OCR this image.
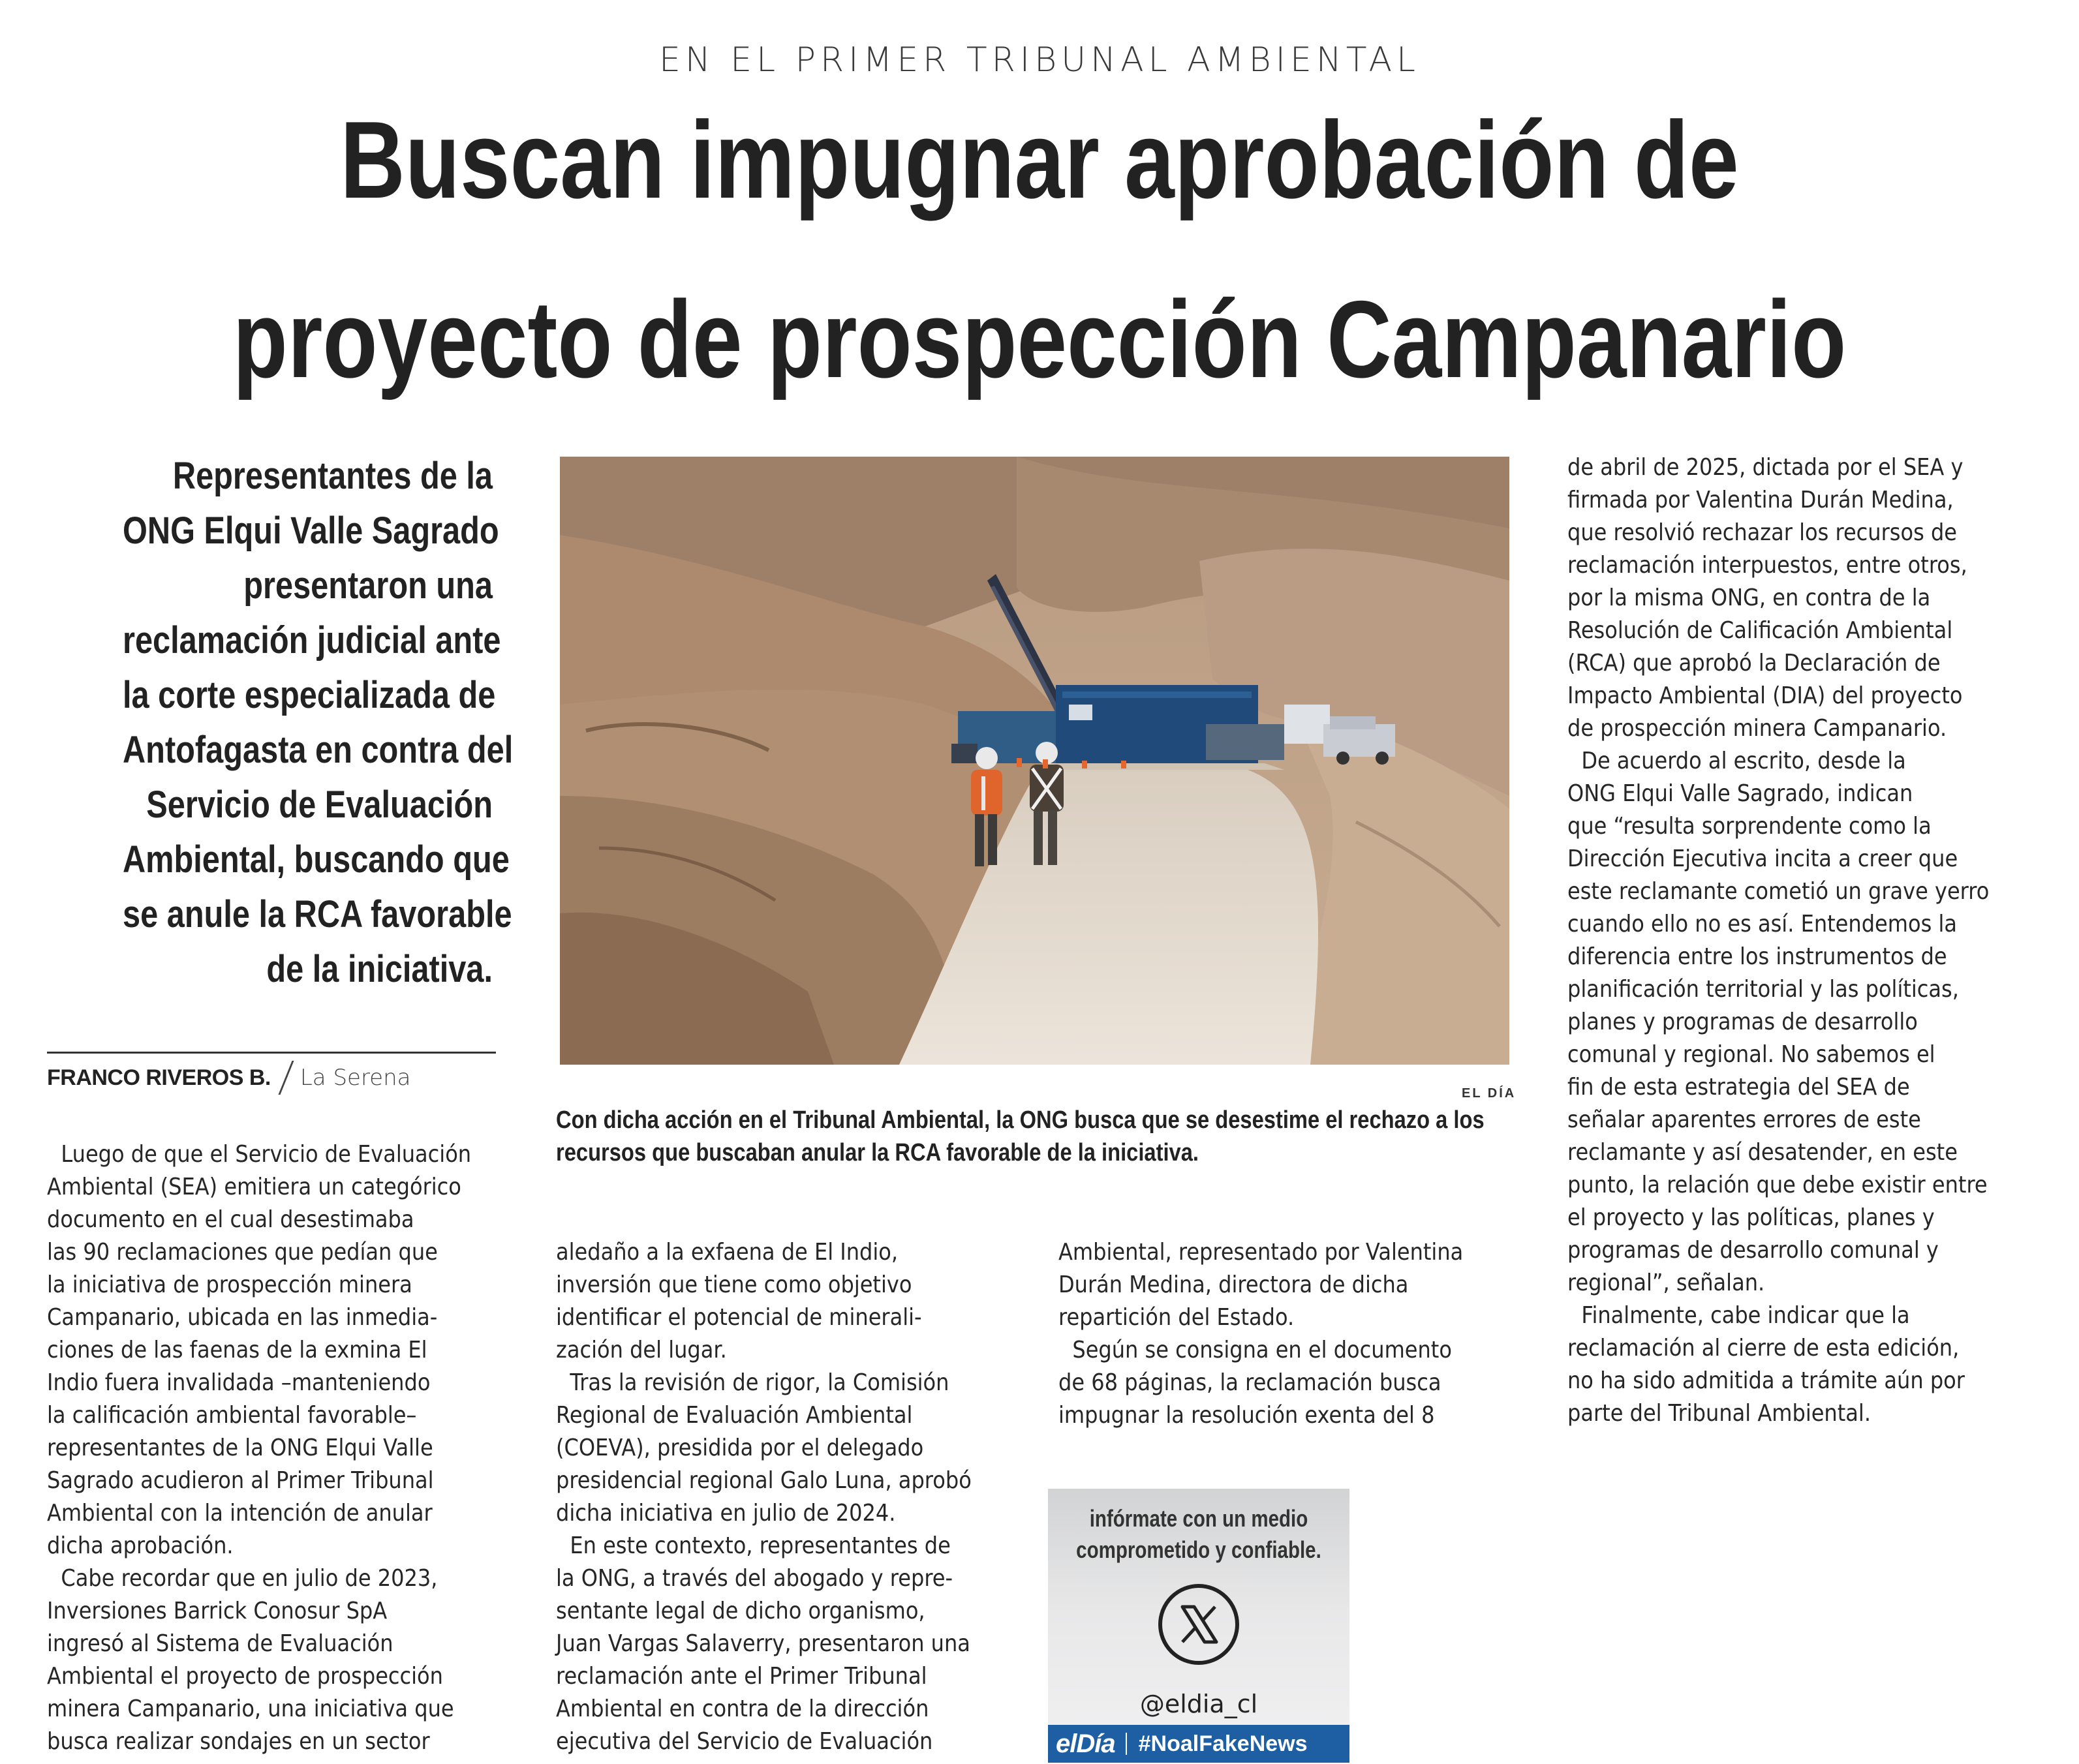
EN EL PRIMER TRIBUNAL AMBIENTAL
Buscan impugnar aprobación de
proyecto de prospección Campanario
Representantes de la
ONG Elqui Valle Sagrado
presentaron una
reclamación judicial ante
la corte especializada de
Antofagasta en contra del
Servicio de Evaluación
Ambiental, buscando que
se anule la RCA favorable
de la iniciativa.
FRANCO RIVEROS B. La Serena
EL DÍA
Con dicha acción en el Tribunal Ambiental, la ONG busca que se desestime el rechazo a los
recursos que buscaban anular la RCA favorable de la iniciativa.
Luego de que el Servicio de Evaluación
Ambiental (SEA) emitiera un categórico
documento en el cual desestimaba
las 90 reclamaciones que pedían que
la iniciativa de prospección minera
Campanario, ubicada en las inmedia-
ciones de las faenas de la exmina El
Indio fuera invalidada –manteniendo
la calificación ambiental favorable–
representantes de la ONG Elqui Valle
Sagrado acudieron al Primer Tribunal
Ambiental con la intención de anular
dicha aprobación.
Cabe recordar que en julio de 2023,
Inversiones Barrick Conosur SpA
ingresó al Sistema de Evaluación
Ambiental el proyecto de prospección
minera Campanario, una iniciativa que
busca realizar sondajes en un sector
aledaño a la exfaena de El Indio,
inversión que tiene como objetivo
identificar el potencial de minerali-
zación del lugar.
Tras la revisión de rigor, la Comisión
Regional de Evaluación Ambiental
(COEVA), presidida por el delegado
presidencial regional Galo Luna, aprobó
dicha iniciativa en julio de 2024.
En este contexto, representantes de
la ONG, a través del abogado y repre-
sentante legal de dicho organismo,
Juan Vargas Salaverry, presentaron una
reclamación ante el Primer Tribunal
Ambiental en contra de la dirección
ejecutiva del Servicio de Evaluación
Ambiental, representado por Valentina
Durán Medina, directora de dicha
repartición del Estado.
Según se consigna en el documento
de 68 páginas, la reclamación busca
impugnar la resolución exenta del 8
de abril de 2025, dictada por el SEA y
firmada por Valentina Durán Medina,
que resolvió rechazar los recursos de
reclamación interpuestos, entre otros,
por la misma ONG, en contra de la
Resolución de Calificación Ambiental
(RCA) que aprobó la Declaración de
Impacto Ambiental (DIA) del proyecto
de prospección minera Campanario.
De acuerdo al escrito, desde la
ONG Elqui Valle Sagrado, indican
que “resulta sorprendente como la
Dirección Ejecutiva incita a creer que
este reclamante cometió un grave yerro
cuando ello no es así. Entendemos la
diferencia entre los instrumentos de
planificación territorial y las políticas,
planes y programas de desarrollo
comunal y regional. No sabemos el
fin de esta estrategia del SEA de
señalar aparentes errores de este
reclamante y así desatender, en este
punto, la relación que debe existir entre
el proyecto y las políticas, planes y
programas de desarrollo comunal y
regional”, señalan.
Finalmente, cabe indicar que la
reclamación al cierre de esta edición,
no ha sido admitida a trámite aún por
parte del Tribunal Ambiental.
infórmate con un medio
comprometido y confiable.
@eldia_cl
elDía #NoalFakeNews
